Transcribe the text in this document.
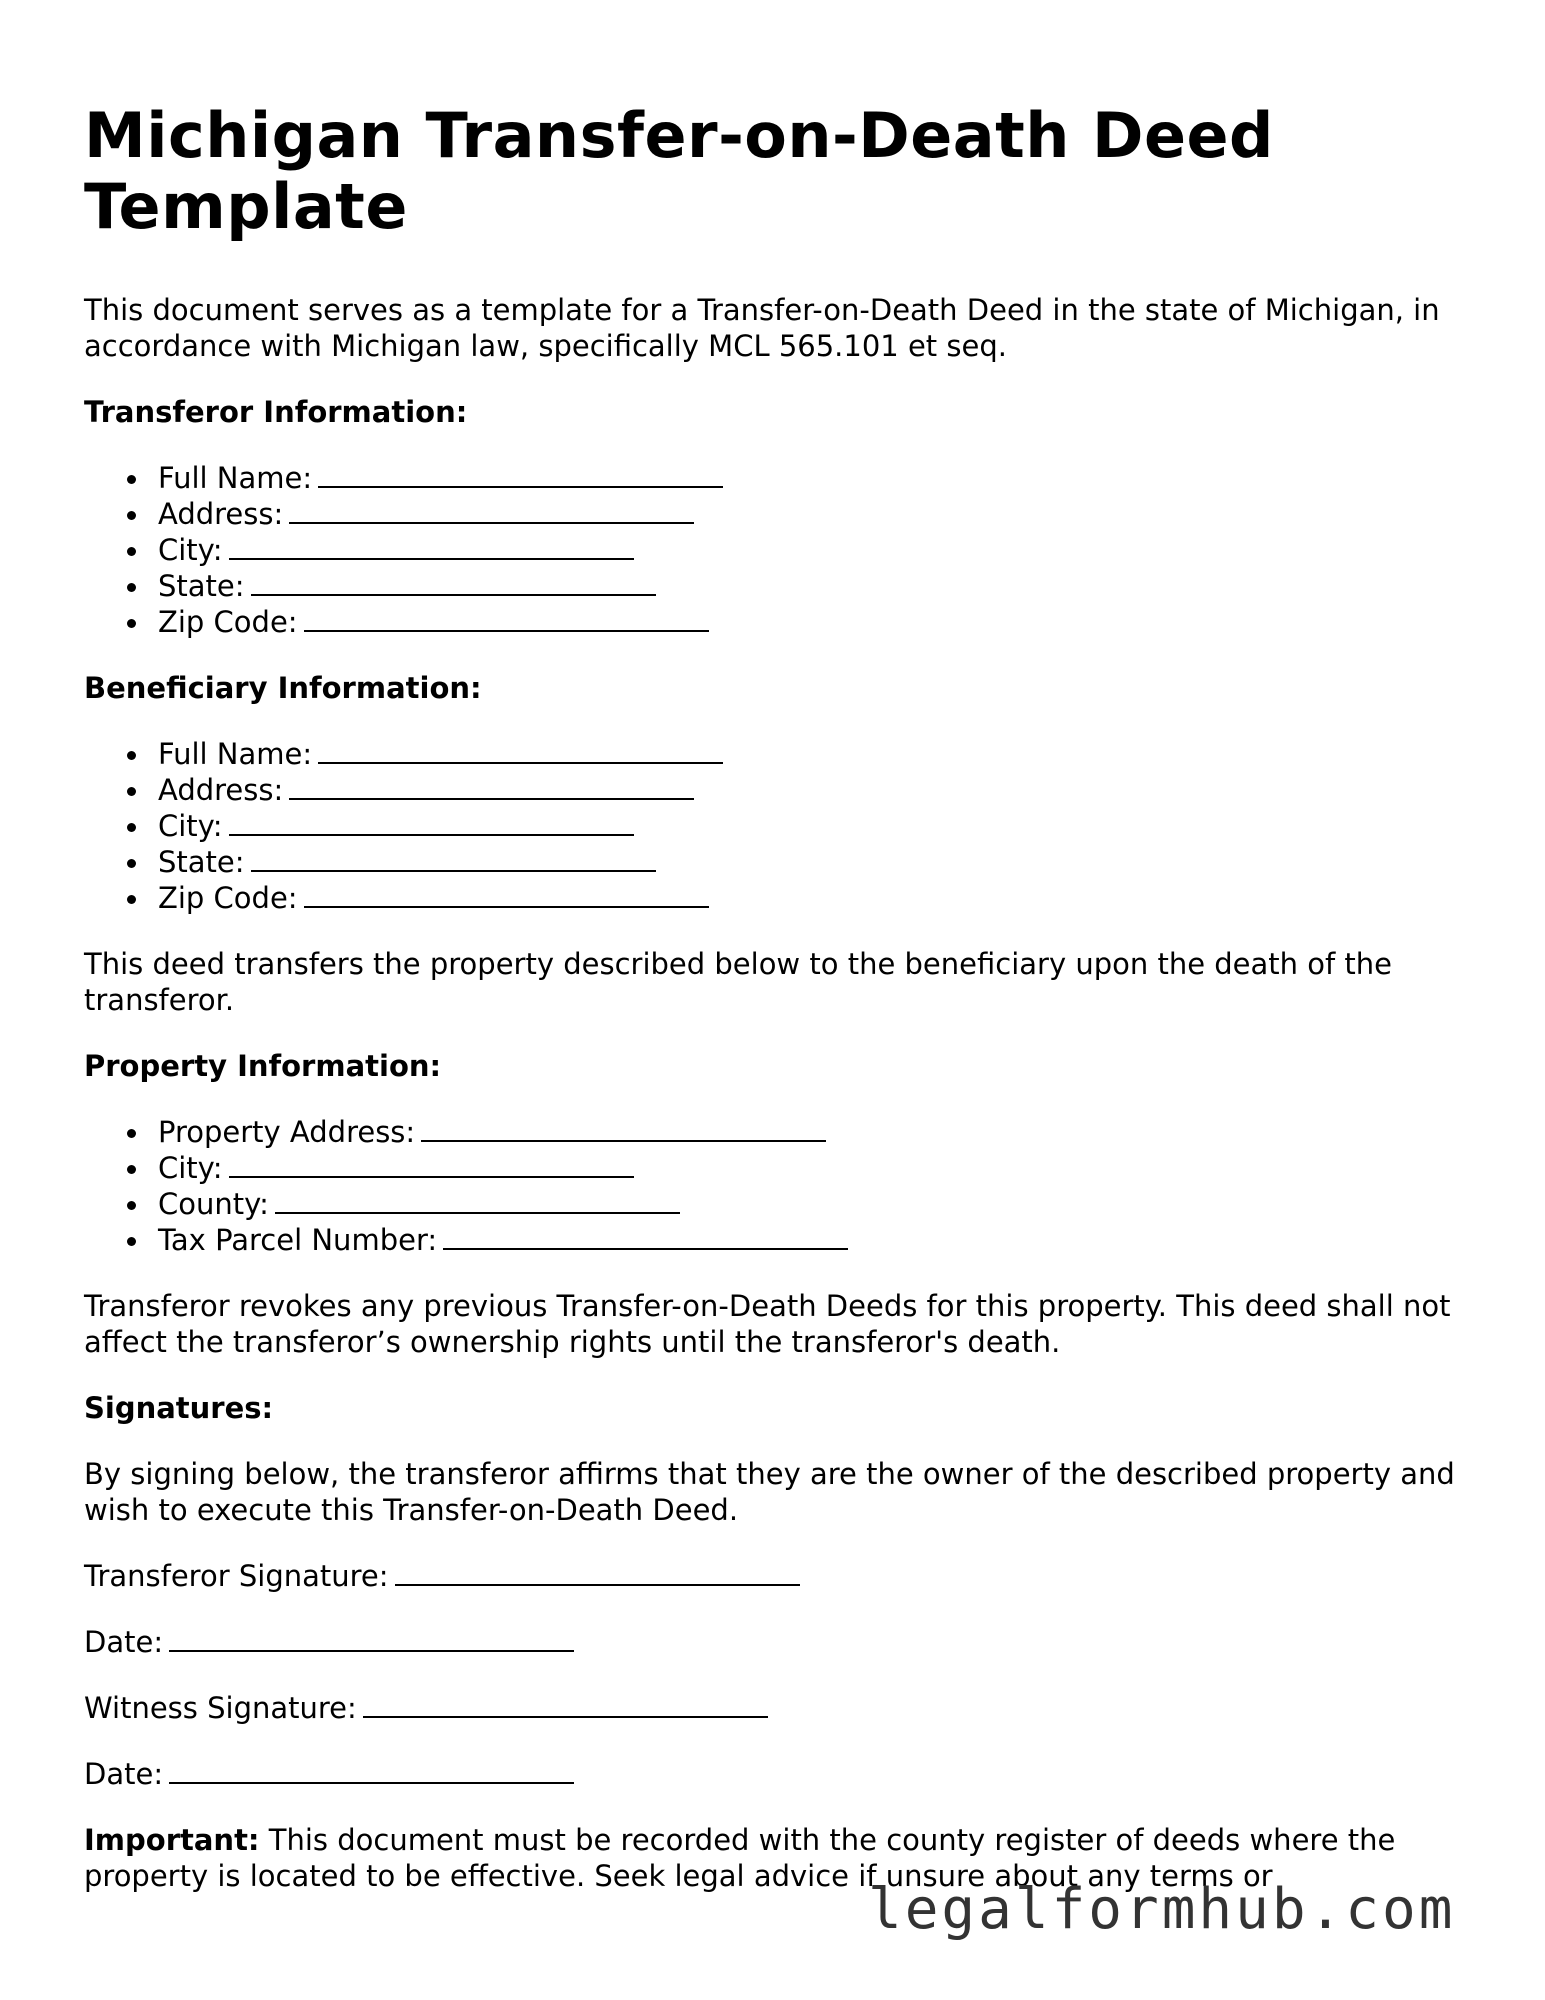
Michigan Transfer-on-Death Deed Template

This document serves as a template for a Transfer-on-Death Deed in the state of Michigan, in accordance with Michigan law, specifically MCL 565.101 et seq.

Transferor Information:
Full Name:
Address:
City:
State:
Zip Code:
Beneficiary Information:
Full Name:
Address:
City:
State:
Zip Code:

This deed transfers the property described below to the beneficiary upon the death of the transferor.

Property Information:
Property Address:
City:
County:
Tax Parcel Number:

Transferor revokes any previous Transfer-on-Death Deeds for this property. This deed shall not affect the transferor’s ownership rights until the transferor's death.

Signatures:

By signing below, the transferor affirms that they are the owner of the described property and wish to execute this Transfer-on-Death Deed.

Transferor Signature:
Date:
Witness Signature:
Date:

Important: This document must be recorded with the county register of deeds where the property is located to be effective. Seek legal advice if unsure about any terms or

legalformhub.com
